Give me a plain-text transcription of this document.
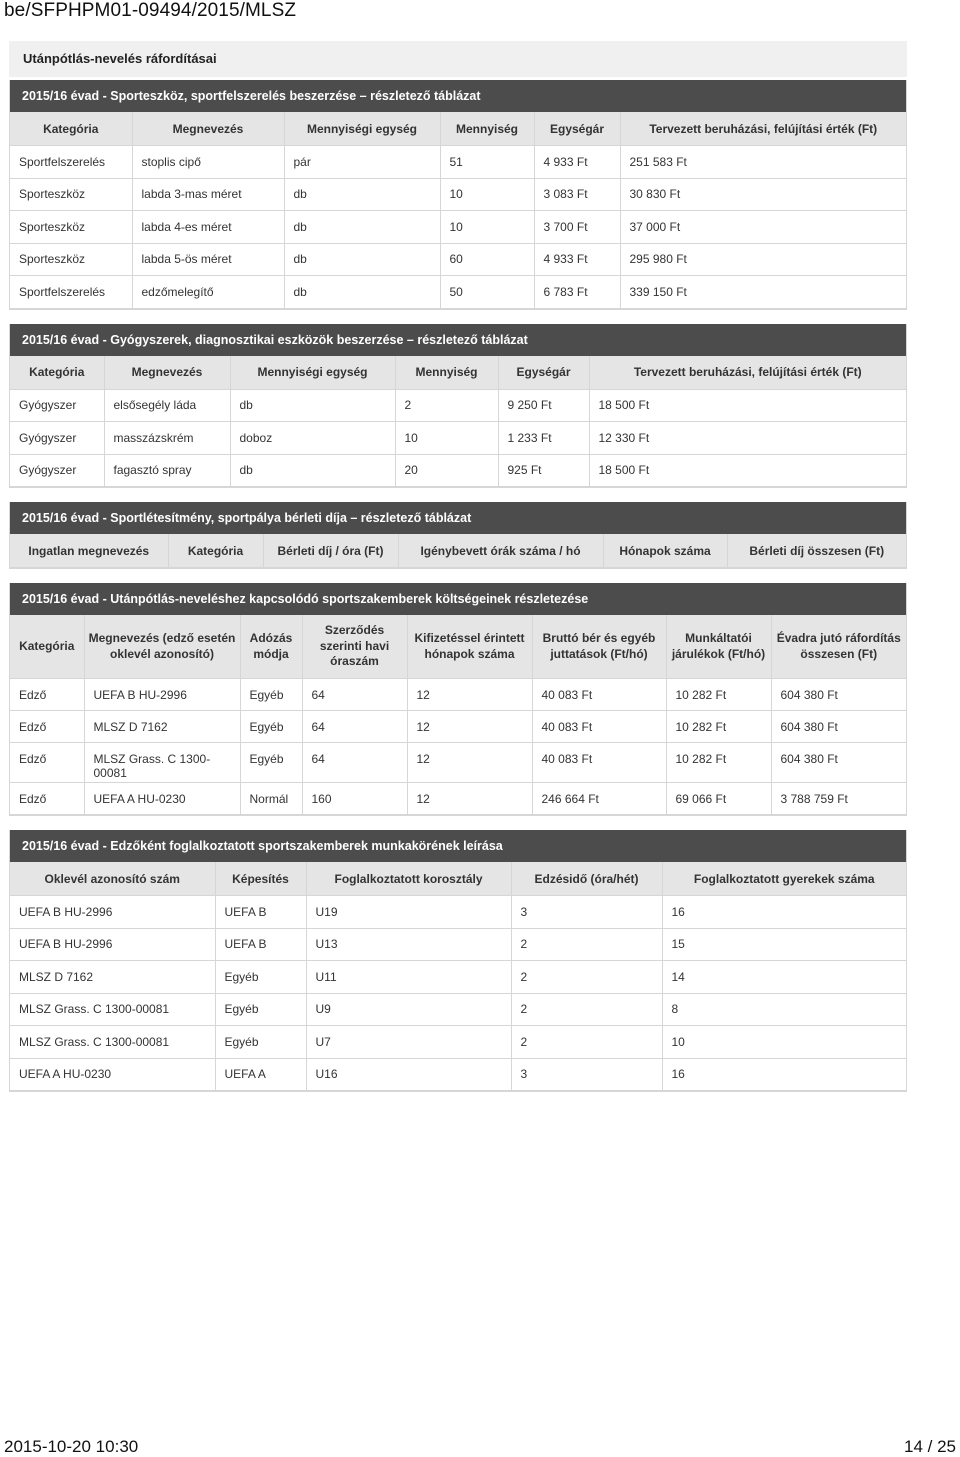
be/SFPHPM01-09494/2015/MLSZ
Utánpótlás-nevelés ráfordításai
2015/16 évad - Sporteszköz, sportfelszerelés beszerzése – részletező táblázat
Kategória	Megnevezés	Mennyiségi egység	Mennyiség	Egységár	Tervezett beruházási, felújítási érték (Ft)
Sportfelszerelés	stoplis cipő	pár	51	4 933 Ft	251 583 Ft
Sporteszköz	labda 3-mas méret	db	10	3 083 Ft	30 830 Ft
Sporteszköz	labda 4-es méret	db	10	3 700 Ft	37 000 Ft
Sporteszköz	labda 5-ös méret	db	60	4 933 Ft	295 980 Ft
Sportfelszerelés	edzőmelegítő	db	50	6 783 Ft	339 150 Ft
2015/16 évad - Gyógyszerek, diagnosztikai eszközök beszerzése – részletező táblázat
Kategória	Megnevezés	Mennyiségi egység	Mennyiség	Egységár	Tervezett beruházási, felújítási érték (Ft)
Gyógyszer	elsősegély láda	db	2	9 250 Ft	18 500 Ft
Gyógyszer	masszázskrém	doboz	10	1 233 Ft	12 330 Ft
Gyógyszer	fagasztó spray	db	20	925 Ft	18 500 Ft
2015/16 évad - Sportlétesítmény, sportpálya bérleti díja – részletező táblázat
Ingatlan megnevezés	Kategória	Bérleti díj / óra (Ft)	Igénybevett órák száma / hó	Hónapok száma	Bérleti díj összesen (Ft)
2015/16 évad - Utánpótlás-neveléshez kapcsolódó sportszakemberek költségeinek részletezése
Kategória	Megnevezés (edző esetén oklevél azonosító)	Adózás módja	Szerződés szerinti havi óraszám	Kifizetéssel érintett hónapok száma	Bruttó bér és egyéb juttatások (Ft/hó)	Munkáltatói járulékok (Ft/hó)	Évadra jutó ráfordítás összesen (Ft)
Edző	UEFA B HU-2996	Egyéb	64	12	40 083 Ft	10 282 Ft	604 380 Ft
Edző	MLSZ D 7162	Egyéb	64	12	40 083 Ft	10 282 Ft	604 380 Ft
Edző	MLSZ Grass. C 1300-00081	Egyéb	64	12	40 083 Ft	10 282 Ft	604 380 Ft
Edző	UEFA A HU-0230	Normál	160	12	246 664 Ft	69 066 Ft	3 788 759 Ft
2015/16 évad - Edzőként foglalkoztatott sportszakemberek munkakörének leírása
Oklevél azonosító szám	Képesítés	Foglalkoztatott korosztály	Edzésidő (óra/hét)	Foglalkoztatott gyerekek száma
UEFA B HU-2996	UEFA B	U19	3	16
UEFA B HU-2996	UEFA B	U13	2	15
MLSZ D 7162	Egyéb	U11	2	14
MLSZ Grass. C 1300-00081	Egyéb	U9	2	8
MLSZ Grass. C 1300-00081	Egyéb	U7	2	10
UEFA A HU-0230	UEFA A	U16	3	16
2015-10-20 10:30	14 / 25
